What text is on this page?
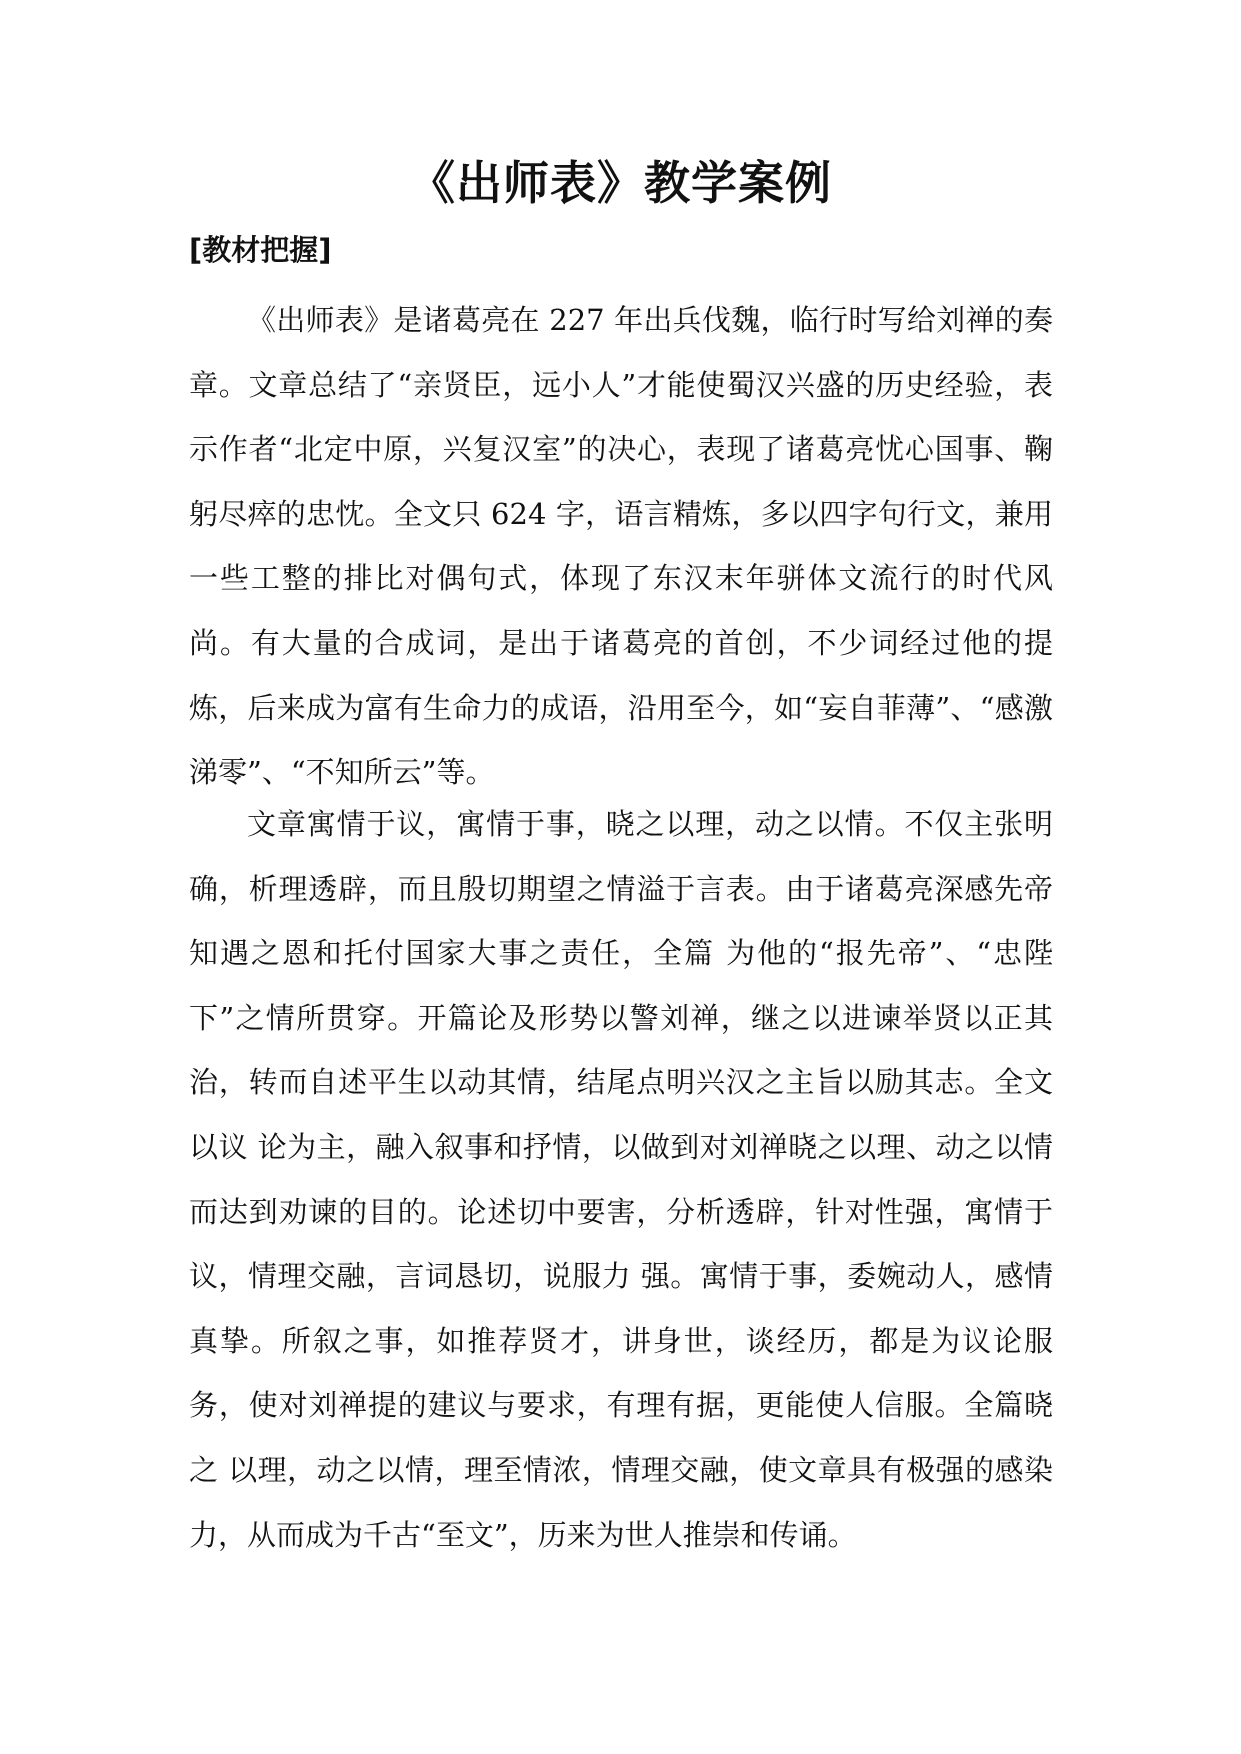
《出师表》教学案例
[教材把握]

《出师表》是诸葛亮在 227 年出兵伐魏，临行时写给刘禅的奏章。文章总结了“亲贤臣，远小人”才能使蜀汉兴盛的历史经验，表示作者“北定中原，兴复汉室”的决心，表现了诸葛亮忧心国事、鞠躬尽瘁的忠忱。全文只 624 字，语言精炼，多以四字句行文，兼用一些工整的排比对偶句式，体现了东汉末年骈体文流行的时代风尚。有大量的合成词，是出于诸葛亮的首创，不少词经过他的提炼，后来成为富有生命力的成语，沿用至今，如“妄自菲薄”、“感激涕零”、“不知所云”等。

文章寓情于议，寓情于事，晓之以理，动之以情。不仅主张明确，析理透辟，而且殷切期望之情溢于言表。由于诸葛亮深感先帝知遇之恩和托付国家大事之责任，全篇 为他的“报先帝”、“忠陛下”之情所贯穿。开篇论及形势以警刘禅，继之以进谏举贤以正其治，转而自述平生以动其情，结尾点明兴汉之主旨以励其志。全文以议 论为主，融入叙事和抒情，以做到对刘禅晓之以理、动之以情而达到劝谏的目的。论述切中要害，分析透辟，针对性强，寓情于议，情理交融，言词恳切，说服力 强。寓情于事，委婉动人，感情真挚。所叙之事，如推荐贤才，讲身世，谈经历，都是为议论服务，使对刘禅提的建议与要求，有理有据，更能使人信服。全篇晓之 以理，动之以情，理至情浓，情理交融，使文章具有极强的感染力，从而成为千古“至文”，历来为世人推崇和传诵。
